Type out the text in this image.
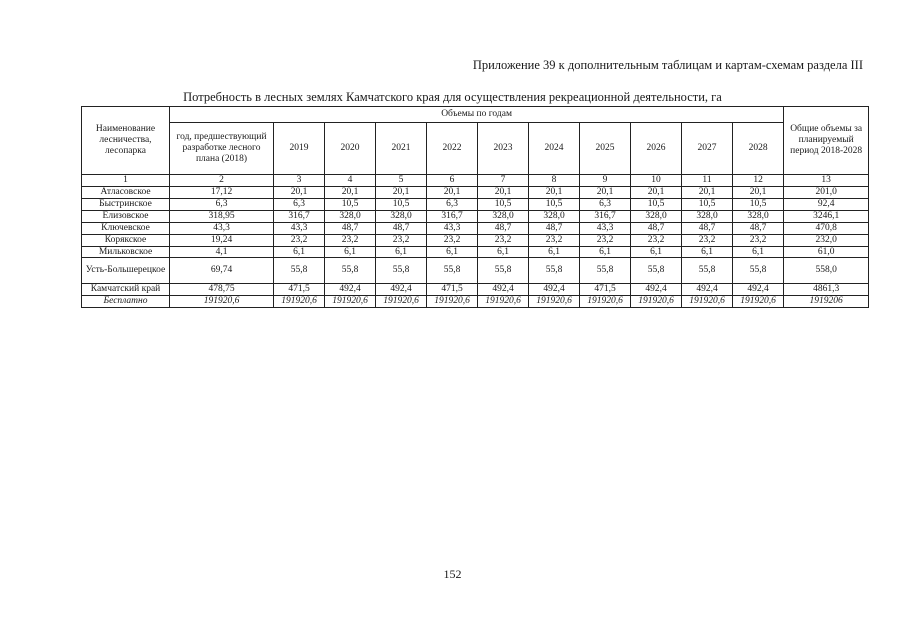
Приложение 39 к дополнительным таблицам и картам-схемам раздела III
Потребность в лесных землях Камчатского края для осуществления рекреационной деятельности, га
Наименование лесничества, лесопарка	Объемы по годам											Общие объемы за планируемый период 2018-2028
	год, предшествующий разработке лесного плана (2018)	2019	2020	2021	2022	2023	2024	2025	2026	2027	2028	
1	2	3	4	5	6	7	8	9	10	11	12	13
Атласовское	17,12	20,1	20,1	20,1	20,1	20,1	20,1	20,1	20,1	20,1	20,1	201,0
Быстринское	6,3	6,3	10,5	10,5	6,3	10,5	10,5	6,3	10,5	10,5	10,5	92,4
Елизовское	318,95	316,7	328,0	328,0	316,7	328,0	328,0	316,7	328,0	328,0	328,0	3246,1
Ключевское	43,3	43,3	48,7	48,7	43,3	48,7	48,7	43,3	48,7	48,7	48,7	470,8
Корякское	19,24	23,2	23,2	23,2	23,2	23,2	23,2	23,2	23,2	23,2	23,2	232,0
Мильковское	4,1	6,1	6,1	6,1	6,1	6,1	6,1	6,1	6,1	6,1	6,1	61,0
Усть-Большерецкое	69,74	55,8	55,8	55,8	55,8	55,8	55,8	55,8	55,8	55,8	55,8	558,0
Камчатский край	478,75	471,5	492,4	492,4	471,5	492,4	492,4	471,5	492,4	492,4	492,4	4861,3
Бесплатно	191920,6	191920,6	191920,6	191920,6	191920,6	191920,6	191920,6	191920,6	191920,6	191920,6	191920,6	1919206
152
